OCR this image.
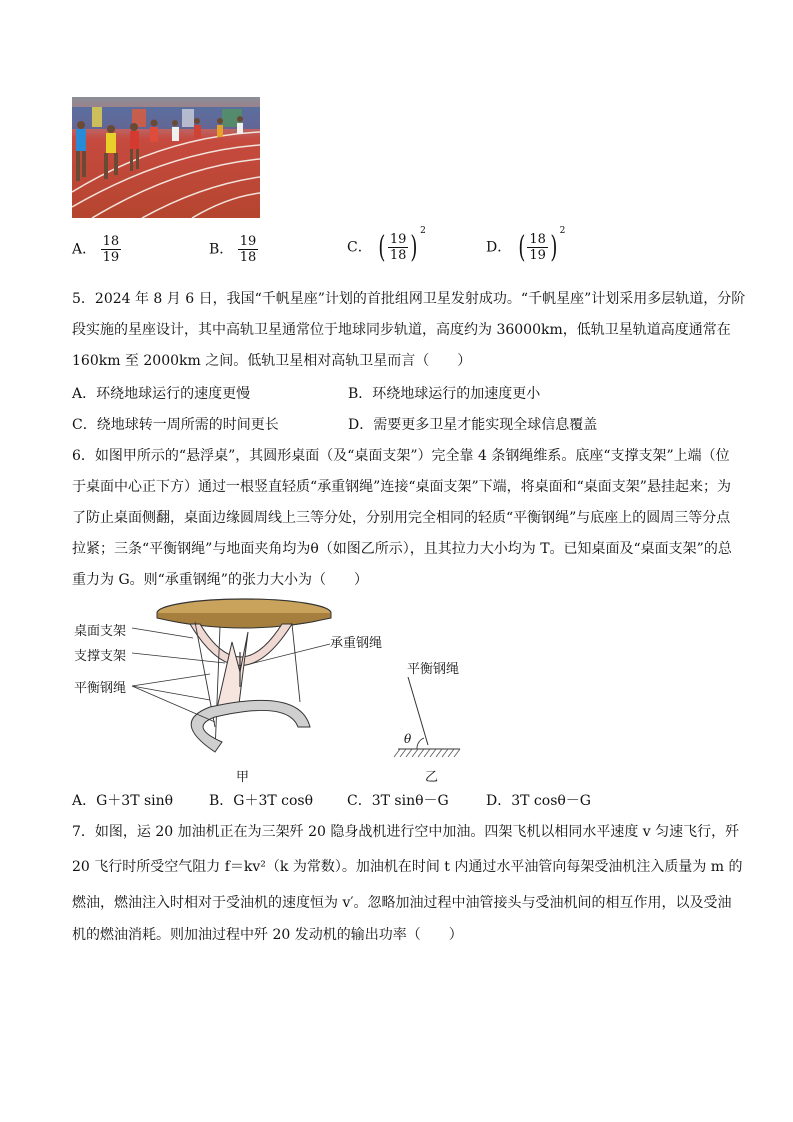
A． $\frac{18}{19}$	B． $\frac{19}{18}$	C． ( $\frac{19}{18}$ ) $^2$
D． ( $\frac{18}{19}$ ) $^2$
5．2024 年 8 月 6 日，我国“千帆星座”计划的首批组网卫星发射成功。“千帆星座”计划采用多层轨道，分阶
段实施的星座设计，其中高轨卫星通常位于地球同步轨道，高度约为 36000km，低轨卫星轨道高度通常在
160km 至 2000km 之间。低轨卫星相对高轨卫星而言（　　）
A．环绕地球运行的速度更慢	B．环绕地球运行的加速度更小
C．绕地球转一周所需的时间更长	D．需要更多卫星才能实现全球信息覆盖
6．如图甲所示的“悬浮桌”，其圆形桌面（及“桌面支架”）完全靠 4 条钢绳维系。底座“支撑支架”上端（位
于桌面中心正下方）通过一根竖直轻质“承重钢绳”连接“桌面支架”下端，将桌面和“桌面支架”悬挂起来；为
了防止桌面侧翻，桌面边缘圆周线上三等分处，分别用完全相同的轻质“平衡钢绳”与底座上的圆周三等分点
拉紧；三条“平衡钢绳”与地面夹角均为θ（如图乙所示），且其拉力大小均为 T。已知桌面及“桌面支架”的总
重力为 G。则“承重钢绳”的张力大小为（　　）
桌面支架
支撑支架
平衡钢绳
承重钢绳
平衡钢绳
θ
甲	乙
A．G＋3T sinθ	B．G＋3T cosθ C．3T sinθ－G	D．3T cosθ－G
7．如图，运 20 加油机正在为三架歼 20 隐身战机进行空中加油。四架飞机以相同水平速度 v 匀速飞行，歼
20 飞行时所受空气阻力 f＝kv²（k 为常数）。加油机在时间 t 内通过水平油管向每架受油机注入质量为 m 的
燃油，燃油注入时相对于受油机的速度恒为 v′。忽略加油过程中油管接头与受油机间的相互作用，以及受油
机的燃油消耗。则加油过程中歼 20 发动机的输出功率（　　）
